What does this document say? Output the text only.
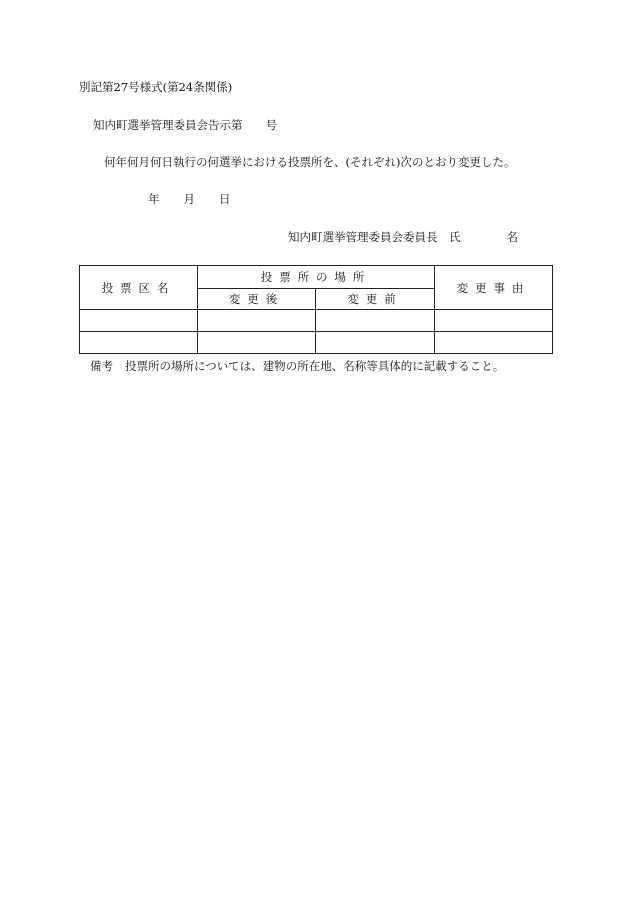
別記第27号様式(第24条関係)
知内町選挙管理委員会告示第　　号
何年何月何日執行の何選挙における投票所を、(それぞれ)次のとおり変更した。
年 月 日
知内町選挙管理委員会委員長　氏	名
投票区名	投票所の場所		変更事由
	変更後	変更前	

備考 投票所の場所については、建物の所在地、名称等具体的に記載すること。
